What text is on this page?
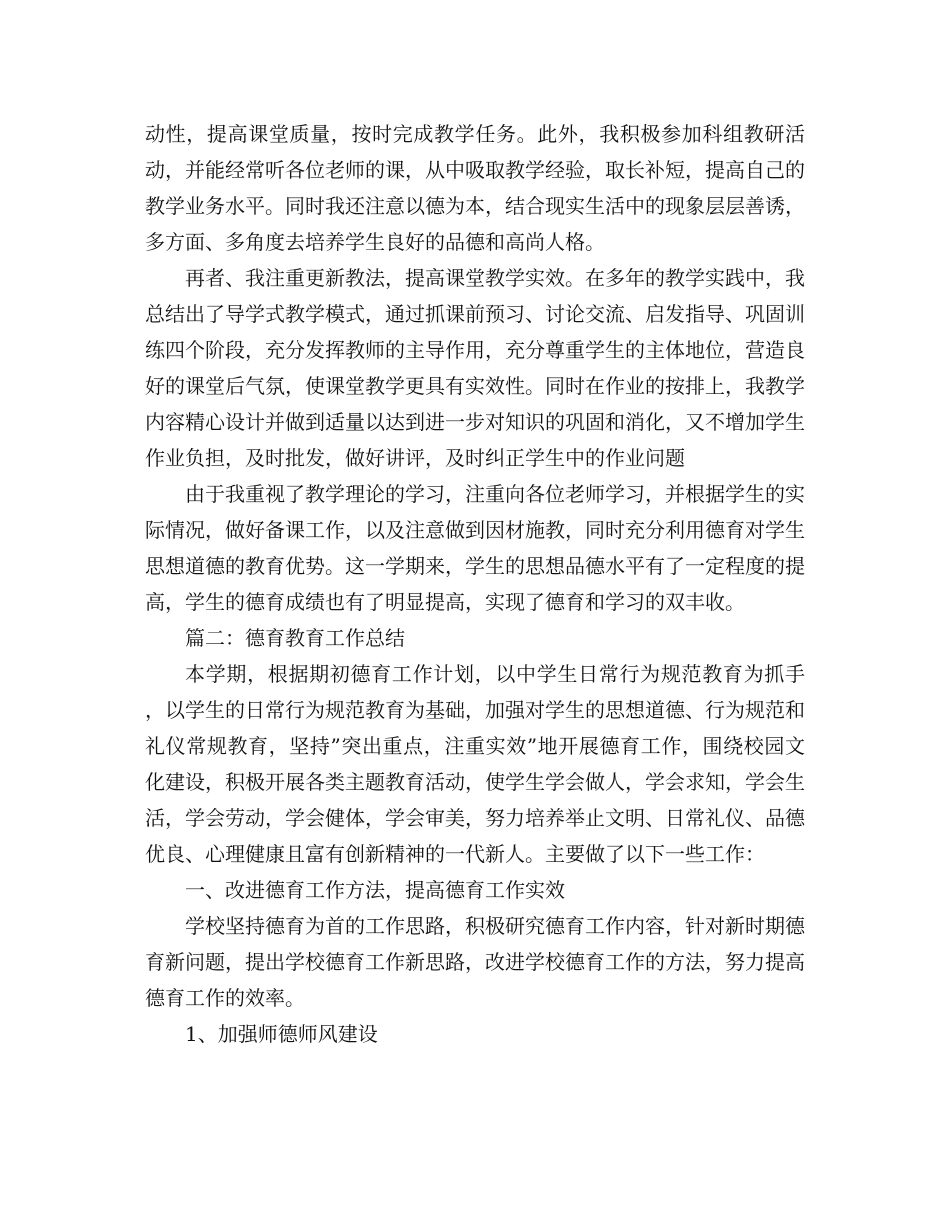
动性，提高课堂质量，按时完成教学任务。此外，我积极参加科组教研活动，并能经常听各位老师的课，从中吸取教学经验，取长补短，提高自己的教学业务水平。同时我还注意以德为本，结合现实生活中的现象层层善诱，多方面、多角度去培养学生良好的品德和高尚人格。

再者、我注重更新教法，提高课堂教学实效。在多年的教学实践中，我总结出了导学式教学模式，通过抓课前预习、讨论交流、启发指导、巩固训练四个阶段，充分发挥教师的主导作用，充分尊重学生的主体地位，营造良好的课堂后气氛，使课堂教学更具有实效性。同时在作业的按排上，我教学内容精心设计并做到适量以达到进一步对知识的巩固和消化，又不增加学生作业负担，及时批发，做好讲评，及时纠正学生中的作业问题

由于我重视了教学理论的学习，注重向各位老师学习，并根据学生的实际情况，做好备课工作，以及注意做到因材施教，同时充分利用德育对学生思想道德的教育优势。这一学期来，学生的思想品德水平有了一定程度的提高，学生的德育成绩也有了明显提高，实现了德育和学习的双丰收。

篇二：德育教育工作总结

本学期，根据期初德育工作计划，以中学生日常行为规范教育为抓手 ，以学生的日常行为规范教育为基础，加强对学生的思想道德、行为规范和礼仪常规教育，坚持”突出重点，注重实效”地开展德育工作，围绕校园文化建设，积极开展各类主题教育活动，使学生学会做人，学会求知，学会生活，学会劳动，学会健体，学会审美，努力培养举止文明、日常礼仪、品德优良、心理健康且富有创新精神的一代新人。主要做了以下一些工作：

一、改进德育工作方法，提高德育工作实效

学校坚持德育为首的工作思路，积极研究德育工作内容，针对新时期德育新问题，提出学校德育工作新思路，改进学校德育工作的方法，努力提高德育工作的效率。

1、加强师德师风建设
